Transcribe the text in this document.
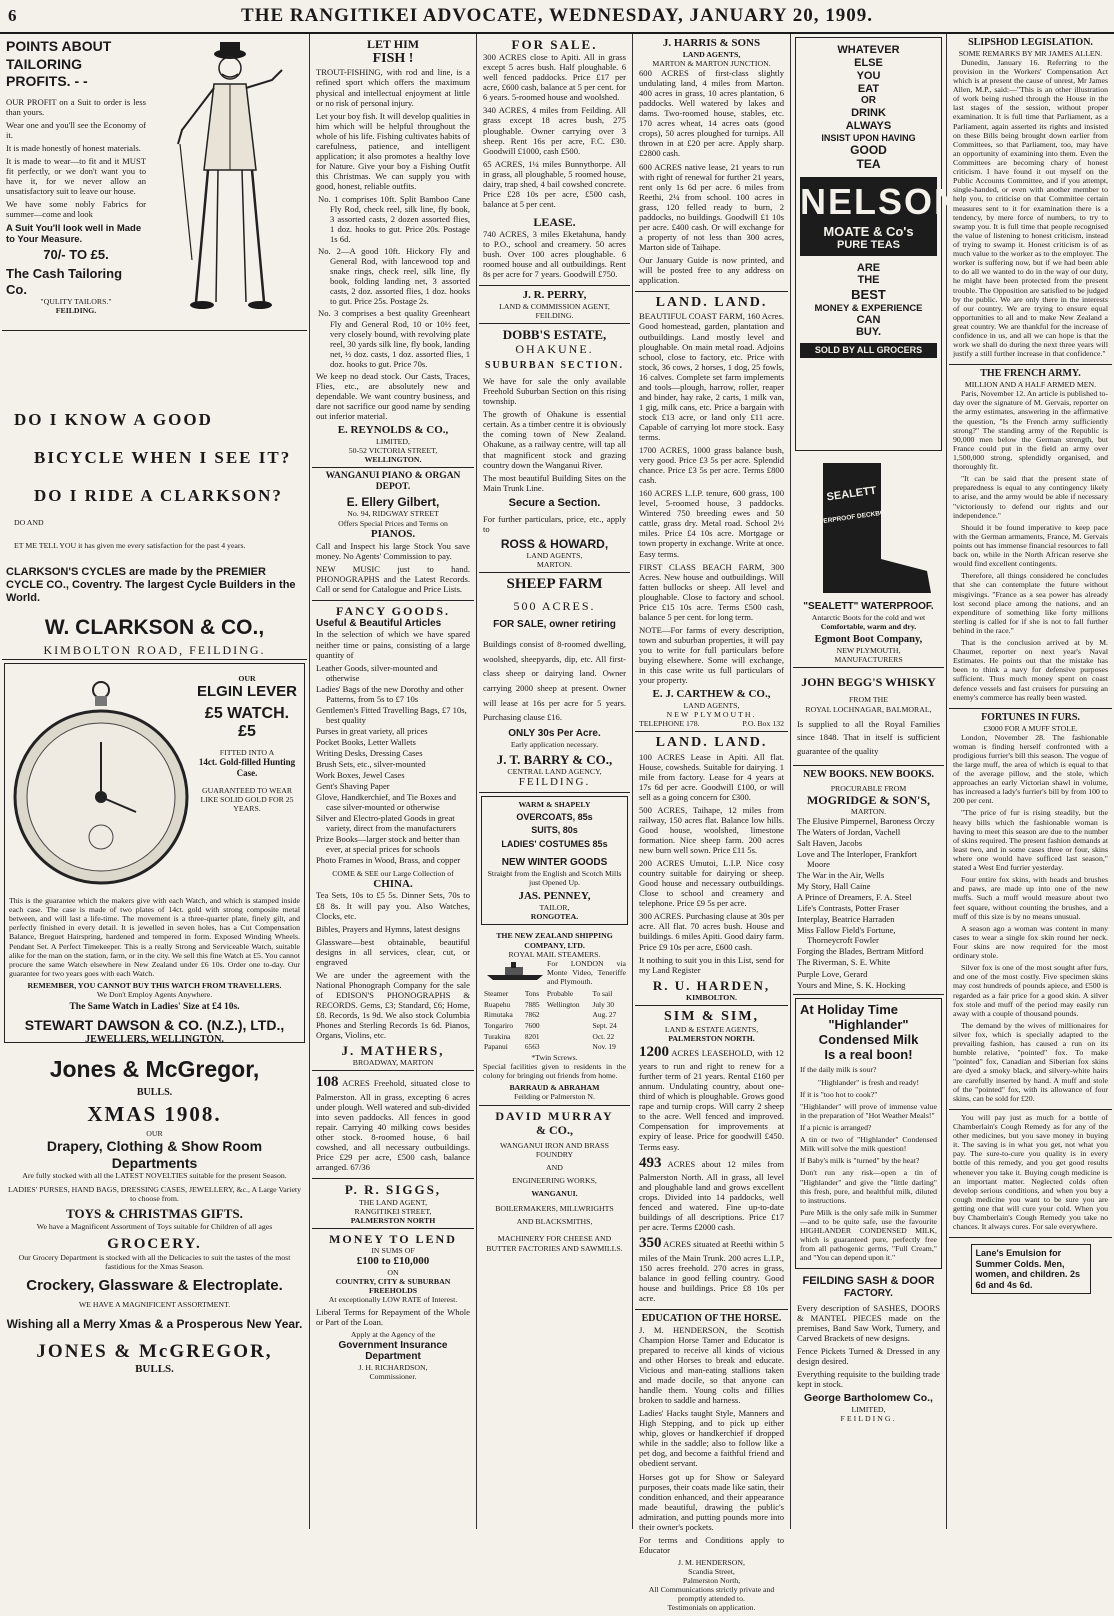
6	THE RANGITIKEI ADVOCATE, WEDNESDAY, JANUARY 20, 1909.
POINTS ABOUT
TAILORING
PROFITS. - -

OUR PROFIT on a Suit to order is less than yours.

Wear one and you'll see the Economy of it.

It is made honestly of honest materials.

It is made to wear—to fit and it MUST fit perfectly, or we don't want you to have it, for we never allow an unsatisfactory suit to leave our house.

We have some nobly Fabrics for summer—come and look

A Suit You'll look well in Made to Your Measure.
70/- TO £5.
The Cash Tailoring Co.
"QULITY TAILORS."
FEILDING.
DO I KNOW A GOOD
BICYCLE WHEN I SEE IT?
DO I RIDE A CLARKSON?
DO AND
ET ME TELL YOU it has given me every satisfaction for the past 4 years.
CLARKSON'S CYCLES are made by the PREMIER CYCLE CO., Coventry. The largest Cycle Builders in the World.
W. CLARKSON & CO.,
KIMBOLTON ROAD, FEILDING.
OUR
ELGIN LEVER
£5 WATCH. £5
FITTED INTO A
14ct. Gold-filled Hunting Case.
GUARANTEED TO WEAR LIKE SOLID GOLD FOR 25 YEARS.

This is the guarantee which the makers give with each Watch, and which is stamped inside each case. The case is made of two plates of 14ct. gold with strong composite metal between, and will last a life-time. The movement is a three-quarter plate, finely gilt, and perfectly finished in every detail. It is jewelled in seven holes, has a Cut Compensation Balance, Breguet Hairspring, hardened and tempered in form. Exposed Winding Wheels. Pendant Set. A Perfect Timekeeper. This is a really Strong and Serviceable Watch, suitable alike for the man on the station, farm, or in the city. We sell this fine Watch at £5. You cannot procure the same Watch elsewhere in New Zealand under £6 10s. Order one to-day. Our guarantee for two years goes with each Watch.

REMEMBER, YOU CANNOT BUY THIS WATCH FROM TRAVELLERS.
We Don't Employ Agents Anywhere.
The Same Watch in Ladies' Size at £4 10s.
STEWART DAWSON & CO. (N.Z.), LTD.,
JEWELLERS, WELLINGTON.
Jones & McGregor,
BULLS.
XMAS 1908.
OUR
Drapery, Clothing & Show Room Departments
Are fully stocked with all the LATEST NOVELTIES suitable for the present Season.
LADIES' PURSES, HAND BAGS, DRESSING CASES, JEWELLERY, &c., A Large Variety to choose from.
TOYS & CHRISTMAS GIFTS.
We have a Magnificent Assortment of Toys suitable for Children of all ages
GROCERY.
Our Grocery Department is stocked with all the Delicacies to suit the tastes of the most fastidious for the Xmas Season.
Crockery, Glassware & Electroplate.
WE HAVE A MAGNIFICENT ASSORTMENT.
Wishing all a Merry Xmas & a Prosperous New Year.
JONES & McGREGOR,
BULLS.
LET HIM
FISH !

TROUT-FISHING, with rod and line, is a refined sport which offers the maximum physical and intellectual enjoyment at little or no risk of personal injury.

Let your boy fish. It will develop qualities in him which will be helpful throughout the whole of his life. Fishing cultivates habits of carefulness, patience, and intelligent application; it also promotes a healthy love for Nature. Give your boy a Fishing Outfit this Christmas. We can supply you with good, honest, reliable outfits.

No. 1 comprises 10ft. Split Bamboo Cane Fly Rod, check reel, silk line, fly book, 3 assorted casts, 2 dozen assorted flies, 1 doz. hooks to gut. Price 20s. Postage 1s 6d.

No. 2—A good 10ft. Hickory Fly and General Rod, with lancewood top and snake rings, check reel, silk line, fly book, folding landing net, 3 assorted casts, 2 doz. assorted flies, 1 doz. hooks to gut. Price 25s. Postage 2s.

No. 3 comprises a best quality Greenheart Fly and General Rod, 10 or 10½ feet, very closely bound, with revolving plate reel, 30 yards silk line, fly book, landing net, ½ doz. casts, 1 doz. assorted flies, 1 doz. hooks to gut. Price 70s.

We keep no dead stock. Our Casts, Traces, Flies, etc., are absolutely new and dependable. We want country business, and dare not sacrifice our good name by sending out inferior material.

E. REYNOLDS & CO.,
LIMITED,
50-52 VICTORIA STREET,
WELLINGTON.
WANGANUI PIANO & ORGAN DEPOT.
E. Ellery Gilbert,
No. 94, RIDGWAY STREET
Offers Special Prices and Terms on
PIANOS.

Call and Inspect his large Stock You save money. No Agents' Commission to pay.

NEW MUSIC just to hand. PHONOGRAPHS and the Latest Records. Call or send for Catalogue and Price Lists.

FANCY GOODS.
Useful & Beautiful Articles

In the selection of which we have spared neither time or pains, consisting of a large quantity of

Leather Goods, silver-mounted and otherwise
Ladies' Bags of the new Dorothy and other Patterns, from 5s to £7 10s
Gentlemen's Fitted Travelling Bags, £7 10s, best quality
Purses in great variety, all prices
Pocket Books, Letter Wallets
Writing Desks, Dressing Cases
Brush Sets, etc., silver-mounted
Work Boxes, Jewel Cases
Gent's Shaving Paper
Glove, Handkerchief, and Tie Boxes and case silver-mounted or otherwise
Silver and Electro-plated Goods in great variety, direct from the manufacturers
Prize Books—larger stock and better than ever, at special prices for schools
Photo Frames in Wood, Brass, and copper
COME & SEE our Large Collection of
CHINA.

Tea Sets, 10s to £5 5s. Dinner Sets, 70s to £8 8s. It will pay you. Also Watches, Clocks, etc.

Bibles, Prayers and Hymns, latest designs

Glassware—best obtainable, beautiful designs in all services, clear, cut, or engraved

We are under the agreement with the National Phonograph Company for the sale of EDISON'S PHONOGRAPHS & RECORDS. Gems, £3; Standard, £6; Home, £8. Records, 1s 9d. We also stock Columbia Phones and Sterling Records 1s 6d. Pianos, Organs, Violins, etc.

J. MATHERS,
BROADWAY, MARTON

108 ACRES Freehold, situated close to Palmerston. All in grass, excepting 6 acres under plough. Well watered and sub-divided into seven paddocks. All fences in good repair. Carrying 40 milking cows besides other stock. 8-roomed house, 6 bail cowshed, and all necessary outbuildings. Price £29 per acre, £500 cash, balance arranged. 67/36

P. R. SIGGS,
THE LAND AGENT,
RANGITIKEI STREET,
PALMERSTON NORTH
MONEY TO LEND
IN SUMS OF
£100 to £10,000
ON
COUNTRY, CITY & SUBURBAN FREEHOLDS
At exceptionally LOW RATE of Interest.

Liberal Terms for Repayment of the Whole or Part of the Loan.

Apply at the Agency of the
Government Insurance Department
J. H. RICHARDSON,
Commissioner.
FOR SALE.

300 ACRES close to Apiti. All in grass except 5 acres bush. Half ploughable. 6 well fenced paddocks. Price £17 per acre, £600 cash, balance at 5 per cent. for 6 years. 5-roomed house and woolshed.

340 ACRES, 4 miles from Feilding. All grass except 18 acres bush, 275 ploughable. Owner carrying over 3 sheep. Rent 16s per acre, F.C. £30. Goodwill £1000, cash £500.

65 ACRES, 1¼ miles Bunnythorpe. All in grass, all ploughable, 5 roomed house, dairy, trap shed, 4 bail cowshed concrete. Price £28 10s per acre, £500 cash, balance at 5 per cent.

LEASE.

740 ACRES, 3 miles Eketahuna, handy to P.O., school and creamery. 50 acres bush. Over 100 acres ploughable. 6 roomed house and all outbuildings. Rent 8s per acre for 7 years. Goodwill £750.

J. R. PERRY,
LAND & COMMISSION AGENT,
FEILDING.
DOBB'S ESTATE,
OHAKUNE.
SUBURBAN SECTION.

We have for sale the only available Freehold Suburban Section on this rising township.

The growth of Ohakune is essential certain. As a timber centre it is obviously the coming town of New Zealand. Ohakune, as a railway centre, will tap all that magnificent stock and grazing country down the Wanganui River.

The most beautiful Building Sites on the Main Trunk Line.

Secure a Section.

For further particulars, price, etc., apply to

ROSS & HOWARD,
LAND AGENTS,
MARTON.
SHEEP FARM
500 ACRES.
FOR SALE, owner retiring

Buildings consist of 8-roomed dwelling, woolshed, sheepyards, dip, etc. All first-class sheep or dairying land. Owner carrying 2000 sheep at present. Owner will lease at 16s per acre for 5 years. Purchasing clause £16.

ONLY 30s Per Acre.
Early application necessary.
J. T. BARRY & CO.,
CENTRAL LAND AGENCY,
FEILDING.
WARM & SHAPELY
OVERCOATS, 85s
SUITS, 80s
LADIES' COSTUMES 85s
NEW WINTER GOODS
Straight from the English and Scotch Mills just Opened Up.
JAS. PENNEY,
TAILOR,
RONGOTEA.
THE NEW ZEALAND SHIPPING COMPANY, LTD.
ROYAL MAIL STEAMERS.

For LONDON via Monte Video, Teneriffe and Plymouth.

Steamer	Tons	Probable	To sail
Ruapehu	7885	Wellington	July 30
Rimutaka	7862		Aug. 27
Tongariro	7600		Sept. 24
Turakina	8201		Oct. 22
Papanui	6563		Nov. 19
*Twin Screws.

Special facilities given to residents in the colony for bringing out friends from home.

BARRAUD & ABRAHAM
Feilding or Palmerston N.
DAVID MURRAY
& CO.,
WANGANUI IRON AND BRASS FOUNDRY
AND
ENGINEERING WORKS,
WANGANUI.
BOILERMAKERS, MILLWRIGHTS
AND BLACKSMITHS,
MACHINERY FOR CHEESE AND BUTTER FACTORIES AND SAWMILLS.
J. HARRIS & SONS
LAND AGENTS,
MARTON & MARTON JUNCTION.

600 ACRES of first-class slightly undulating land, 4 miles from Marton. 400 acres in grass, 10 acres plantation, 6 paddocks. Well watered by lakes and dams. Two-roomed house, stables, etc. 170 acres wheat, 14 acres oats (good crops), 50 acres ploughed for turnips. All thrown in at £20 per acre. Apply sharp. £2800 cash.

600 ACRES native lease, 21 years to run with right of renewal for further 21 years, rent only 1s 6d per acre. 6 miles from Reethi, 2¼ from school. 100 acres in grass, 120 felled ready to burn, 2 paddocks, no buildings. Goodwill £1 10s per acre. £400 cash. Or will exchange for a property of not less than 300 acres, Marton side of Taihape.

Our January Guide is now printed, and will be posted free to any address on application.

LAND. LAND.

BEAUTIFUL COAST FARM, 160 Acres. Good homestead, garden, plantation and outbuildings. Land mostly level and ploughable. On main metal road. Adjoins school, close to factory, etc. Price with stock, 36 cows, 2 horses, 1 dog, 25 fowls, 16 calves. Complete set farm implements and tools—plough, harrow, roller, reaper and binder, hay rake, 2 carts, 1 milk van, 1 gig, milk cans, etc. Price a bargain with stock £13 acre, or land only £11 acre. Capable of carrying lot more stock. Easy terms.

1700 ACRES, 1000 grass balance bush, very good. Price £3 5s per acre. Splendid chance. Price £3 5s per acre. Terms £800 cash.

160 ACRES L.I.P. tenure, 600 grass, 100 level, 5-roomed house, 3 paddocks. Wintered 750 breeding ewes and 50 cattle, grass dry. Metal road. School 2½ miles. Price £4 10s acre. Mortgage or town property in exchange. Write at once. Easy terms.

FIRST CLASS BEACH FARM, 300 Acres. New house and outbuildings. Will fatten bullocks or sheep. All level and ploughable. Close to factory and school. Price £15 10s acre. Terms £500 cash, balance 5 per cent. for long term.

NOTE—For farms of every description, town and suburban properties, it will pay you to write for full particulars before buying elsewhere. Some will exchange, in this case write us full particulars of your property.

E. J. CARTHEW & CO.,
LAND AGENTS,
NEW PLYMOUTH.
TELEPHONE 178.	P.O. Box 132
LAND. LAND.

100 ACRES Lease in Apiti. All flat. House, cowsheds. Suitable for dairying. 1 mile from factory. Lease for 4 years at 17s 6d per acre. Goodwill £100, or will sell as a going concern for £300.

500 ACRES, Taihape, 12 miles from railway, 150 acres flat. Balance low hills. Good house, woolshed, limestone formation. Nice sheep farm. 200 acres new burn well sown. Price £11 5s.

200 ACRES Umutoi, L.I.P. Nice cosy country suitable for dairying or sheep. Good house and necessary outbuildings. Close to school and creamery and telephone. Price £9 5s per acre.

300 ACRES. Purchasing clause at 30s per acre. All flat. 70 acres bush. House and buildings. 6 miles Apiti. Good dairy farm. Price £9 10s per acre, £600 cash.

It nothing to suit you in this List, send for my Land Register

R. U. HARDEN,
KIMBOLTON.
SIM & SIM,
LAND & ESTATE AGENTS,
PALMERSTON NORTH.

1200 ACRES LEASEHOLD, with 12 years to run and right to renew for a further term of 21 years. Rental £160 per annum. Undulating country, about one-third of which is ploughable. Grows good rape and turnip crops. Will carry 2 sheep to the acre. Well fenced and improved. Compensation for improvements at expiry of lease. Price for goodwill £450. Terms easy.

493 ACRES about 12 miles from Palmerston North. All in grass, all level and ploughable land and grows excellent crops. Divided into 14 paddocks, well fenced and watered. Fine up-to-date buildings of all descriptions. Price £17 per acre. Terms £2000 cash.

350 ACRES situated at Reethi within 5 miles of the Main Trunk. 200 acres L.I.P., 150 acres freehold. 270 acres in grass, balance in good felling country. Good house and buildings. Price £8 10s per acre.

EDUCATION OF THE HORSE.

J. M. HENDERSON, the Scottish Champion Horse Tamer and Educator is prepared to receive all kinds of vicious and other Horses to break and educate. Vicious and man-eating stallions taken and made docile, so that anyone can handle them. Young colts and fillies broken to saddle and harness.

Ladies' Hacks taught Style, Manners and High Stepping, and to pick up either whip, gloves or handkerchief if dropped while in the saddle; also to follow like a pet dog, and become a faithful friend and obedient servant.

Horses got up for Show or Saleyard purposes, their coats made like satin, their condition enhanced, and their appearance made beautiful, drawing the public's admiration, and putting pounds more into their owner's pockets.

For terms and Conditions apply to Educator

J. M. HENDERSON,
Scandia Street,
Palmerston North,
All Communications strictly private and promptly attended to.
Testimonials on application.
WHATEVER
ELSE
YOU
EAT
OR
DRINK
ALWAYS
INSIST UPON HAVING
GOOD
TEA
NELSON
MOATE & Co's
PURE TEAS
ARE
THE
BEST
MONEY & EXPERIENCE
CAN
BUY.
SOLD BY ALL GROCERS
SEALETT
WATERPROOF DECKBOOT
"SEALETT" WATERPROOF.
Antarctic Boots for the cold and wet
Comfortable, warm and dry.
Egmont Boot Company,
NEW PLYMOUTH,
MANUFACTURERS
JOHN BEGG'S WHISKY
FROM THE
ROYAL LOCHNAGAR, BALMORAL,

Is supplied to all the Royal Families since 1848. That in itself is sufficient guarantee of the quality

NEW BOOKS. NEW BOOKS.
PROCURABLE FROM
MOGRIDGE & SON'S,
MARTON.
The Elusive Pimpernel, Baroness Orczy
The Waters of Jordan, Vachell
Salt Haven, Jacobs
Love and The Interloper, Frankfort Moore
The War in the Air, Wells
My Story, Hall Caine
A Prince of Dreamers, F. A. Steel
Life's Contrasts, Potter Fraser
Interplay, Beatrice Harraden
Miss Fallow Field's Fortune, Thorneycroft Fowler
Forging the Blades, Bertram Mitford
The Riverman, S. E. White
Purple Love, Gerard
Yours and Mine, S. K. Hocking
At Holiday Time
"Highlander"
Condensed Milk
Is a real boon!

If the daily milk is sour?

"Highlander" is fresh and ready!

If it is "too hot to cook?"

"Highlander" will prove of immense value in the preparation of "Hot Weather Meals!"

If a picnic is arranged?

A tin or two of "Highlander" Condensed Milk will solve the milk question!

If Baby's milk is "turned" by the heat?

Don't run any risk—open a tin of "Highlander" and give the "little darling" this fresh, pure, and healthful milk, diluted to instructions.

Pure Milk is the only safe milk in Summer—and to be quite safe, use the favourite HIGHLANDER CONDENSED MILK, which is guaranteed pure, perfectly free from all pathogenic germs, "Full Cream," and "You can depend upon it."

FEILDING SASH & DOOR
FACTORY.

Every description of SASHES, DOORS & MANTEL PIECES made on the premises, Band Saw Work, Turnery, and Carved Brackets of new designs.

Fence Pickets Turned & Dressed in any design desired.

Everything requisite to the building trade kept in stock.

George Bartholomew Co.,
LIMITED,
FEILDING.
SLIPSHOD LEGISLATION.
SOME REMARKS BY MR JAMES ALLEN.

Dunedin, January 16. Referring to the provision in the Workers' Compensation Act which is at present the cause of unrest, Mr James Allen, M.P., said:—"This is an other illustration of work being rushed through the House in the last stages of the session, without proper examination. It is full time that Parliament, as a Parliament, again asserted its rights and insisted on these Bills being brought down earlier from Committees, so that Parliament, too, may have an opportunity of examining into them. Even the Committees are becoming chary of honest criticism. I have found it out myself on the Public Accounts Committee, and if you attempt, single-handed, or even with another member to help you, to criticise on that Committee certain measures sent to it for examination there is a tendency, by mere force of numbers, to try to swamp you. It is full time that people recognised the value of listening to honest criticism, instead of trying to swamp it. Honest criticism is of as much value to the worker as to the employer. The worker is suffering now, but if we had been able to do all we wanted to do in the way of our duty, he might have been protected from the present trouble. The Opposition are satisfied to be judged by the public. We are only there in the interests of our country. We are trying to ensure equal opportunities to all and to make New Zealand a great country. We are thankful for the increase of confidence in us, and all we can hope is that the work we shall do during the next three years will justify a still further increase in that confidence."

THE FRENCH ARMY.
MILLION AND A HALF ARMED MEN.

Paris, November 12. An article is published to-day over the signature of M. Gervais, reporter on the army estimates, answering in the affirmative the question, "Is the French army sufficiently strong?" The standing army of the Republic is 90,000 men below the German strength, but France could put in the field an army over 1,500,000 strong, splendidly organised, and thoroughly fit.

"It can be said that the present state of preparedness is equal to any contingency likely to arise, and the army would be able if necessary "victoriously to defend our rights and our independence."

Should it be found imperative to keep pace with the German armaments, France, M. Gervais points out has immense financial resources to fall back on, while in the North African reserve she would find excellent contingents.

Therefore, all things considered he concludes that she can contemplate the future without misgivings. "France as a sea power has already lost second place among the nations, and an expenditure of something like forty millions sterling is called for if she is not to fall further behind in the race."

That is the conclusion arrived at by M. Chaumet, reporter on next year's Naval Estimates. He points out that the mistake has been to think a navy for defensive purposes sufficient. Thus much money spent on coast defence vessels and fast cruisers for pursuing an enemy's commerce has really been wasted.

FORTUNES IN FURS.
£3000 FOR A MUFF STOLE.

London, November 28. The fashionable woman is finding herself confronted with a prodigious furrier's bill this season. The vogue of the large muff, the area of which is equal to that of the average pillow, and the stole, which approaches an early Victorian shawl in volume, has increased a lady's furrier's bill by from 100 to 200 per cent.

"The price of fur is rising steadily, but the heavy bills which the fashionable woman is having to meet this season are due to the number of skins required. The present fashion demands at least two, and in some cases three or four, skins where one would have sufficed last season," stated a West End furrier yesterday.

Four entire fox skins, with heads and brushes and paws, are made up into one of the new muffs. Such a muff would measure about two feet square, without counting the brushes, and a muff of this size is by no means unusual.

A season ago a woman was content in many cases to wear a single fox skin round her neck. Four skins are now required for the most ordinary stole.

Silver fox is one of the most sought after furs, and one of the most costly. Five specimen skins may cost hundreds of pounds apiece, and £500 is regarded as a fair price for a good skin. A silver fox stole and muff of the period may easily run away with a couple of thousand pounds.

The demand by the wives of millionaires for silver fox, which is specially adapted to the prevailing fashion, has caused a run on its humble relative, "pointed" fox. To make "pointed" fox, Canadian and Siberian fox skins are dyed a smoky black, and silvery-white hairs are carefully inserted by hand. A muff and stole of the "pointed" fox, with its allowance of four skins, can be sold for £20.

You will pay just as much for a bottle of Chamberlain's Cough Remedy as for any of the other medicines, but you save money in buying it. The saving is in what you get, not what you pay. The sure-to-cure you quality is in every bottle of this remedy, and you get good results whenever you take it. Buying cough medicine is an important matter. Neglected colds often develop serious conditions, and when you buy a cough medicine you want to be sure you are getting one that will cure your cold. When you buy Chamberlain's Cough Remedy you take no chances. It always cures. For sale everywhere.

Lane's Emulsion for Summer Colds. Men, women, and children. 2s 6d and 4s 6d.
